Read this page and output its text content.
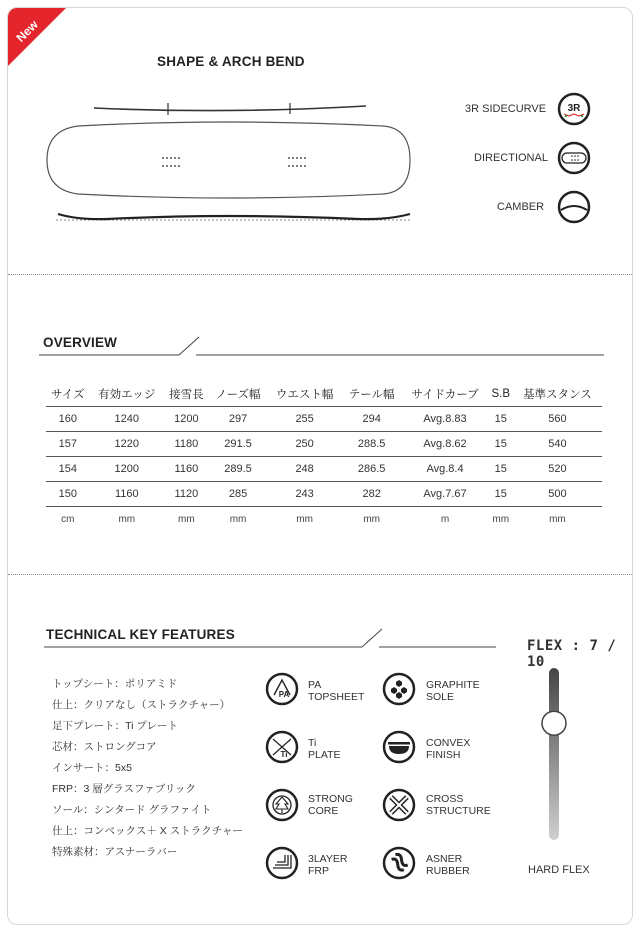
New
SHAPE & ARCH BEND
3R SIDECURVE 3R
DIRECTIONAL
CAMBER
OVERVIEW
サイズ	有効エッジ	接雪長	ノーズ幅	ウエスト幅	テール幅	サイドカーブ	S.B	基準スタンス
160	1240	1200	297	255	294	Avg.8.83	15	560
157	1220	1180	291.5	250	288.5	Avg.8.62	15	540
154	1200	1160	289.5	248	286.5	Avg.8.4	15	520
150	1160	1120	285	243	282	Avg.7.67	15	500
cm	mm	mm	mm	mm	mm	m	mm	mm
TECHNICAL KEY FEATURES
トップシート：ポリアミド
仕上：クリアなし（ストラクチャー）
足下プレート：Ti プレート
芯材：ストロングコア
インサート：5x5
FRP：3 層グラスファブリック
ソール：シンタード グラファイト
仕上：コンベックス＋ X ストラクチャー
特殊素材：アスナーラバー
PA
PA
TOPSHEET
Ti
Ti
PLATE
STRONG
CORE
3LAYER
FRP
GRAPHITE
SOLE
CONVEX
FINISH
CROSS
STRUCTURE
ASNER
RUBBER
FLEX : 7 / 10
HARD FLEX
